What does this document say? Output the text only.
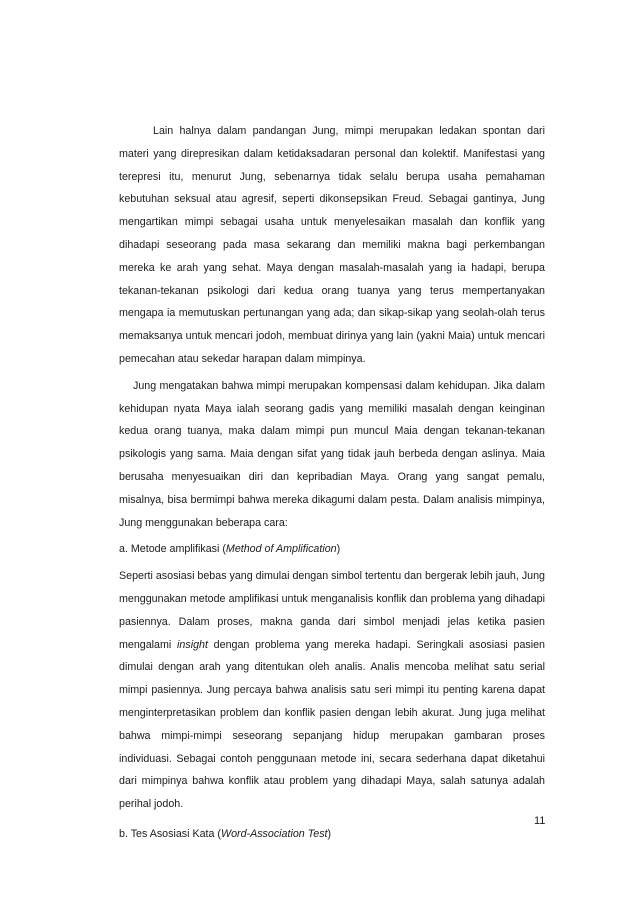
Lain halnya dalam pandangan Jung, mimpi merupakan ledakan spontan dari materi yang direpresikan dalam ketidaksadaran personal dan kolektif. Manifestasi yang terepresi itu, menurut Jung, sebenarnya tidak selalu berupa usaha pemahaman kebutuhan seksual atau agresif, seperti dikonsepsikan Freud. Sebagai gantinya, Jung mengartikan mimpi sebagai usaha untuk menyelesaikan masalah dan konflik yang dihadapi seseorang pada masa sekarang dan memiliki makna bagi perkembangan mereka ke arah yang sehat. Maya dengan masalah-masalah yang ia hadapi, berupa tekanan-tekanan psikologi dari kedua orang tuanya yang terus mempertanyakan mengapa ia memutuskan pertunangan yang ada; dan sikap-sikap yang seolah-olah terus memaksanya untuk mencari jodoh, membuat dirinya yang lain (yakni Maia) untuk mencari pemecahan atau sekedar harapan dalam mimpinya.

Jung mengatakan bahwa mimpi merupakan kompensasi dalam kehidupan. Jika dalam kehidupan nyata Maya ialah seorang gadis yang memiliki masalah dengan keinginan kedua orang tuanya, maka dalam mimpi pun muncul Maia dengan tekanan-tekanan psikologis yang sama. Maia dengan sifat yang tidak jauh berbeda dengan aslinya. Maia berusaha menyesuaikan diri dan kepribadian Maya. Orang yang sangat pemalu, misalnya, bisa bermimpi bahwa mereka dikagumi dalam pesta. Dalam analisis mimpinya, Jung menggunakan beberapa cara:

a. Metode amplifikasi (Method of Amplification)

Seperti asosiasi bebas yang dimulai dengan simbol tertentu dan bergerak lebih jauh, Jung menggunakan metode amplifikasi untuk menganalisis konflik dan problema yang dihadapi pasiennya. Dalam proses, makna ganda dari simbol menjadi jelas ketika pasien mengalami insight dengan problema yang mereka hadapi. Seringkali asosiasi pasien dimulai dengan arah yang ditentukan oleh analis. Analis mencoba melihat satu serial mimpi pasiennya. Jung percaya bahwa analisis satu seri mimpi itu penting karena dapat menginterpretasikan problem dan konflik pasien dengan lebih akurat. Jung juga melihat bahwa mimpi-mimpi seseorang sepanjang hidup merupakan gambaran proses individuasi. Sebagai contoh penggunaan metode ini, secara sederhana dapat diketahui dari mimpinya bahwa konflik atau problem yang dihadapi Maya, salah satunya adalah perihal jodoh.

b. Tes Asosiasi Kata (Word-Association Test)

11
